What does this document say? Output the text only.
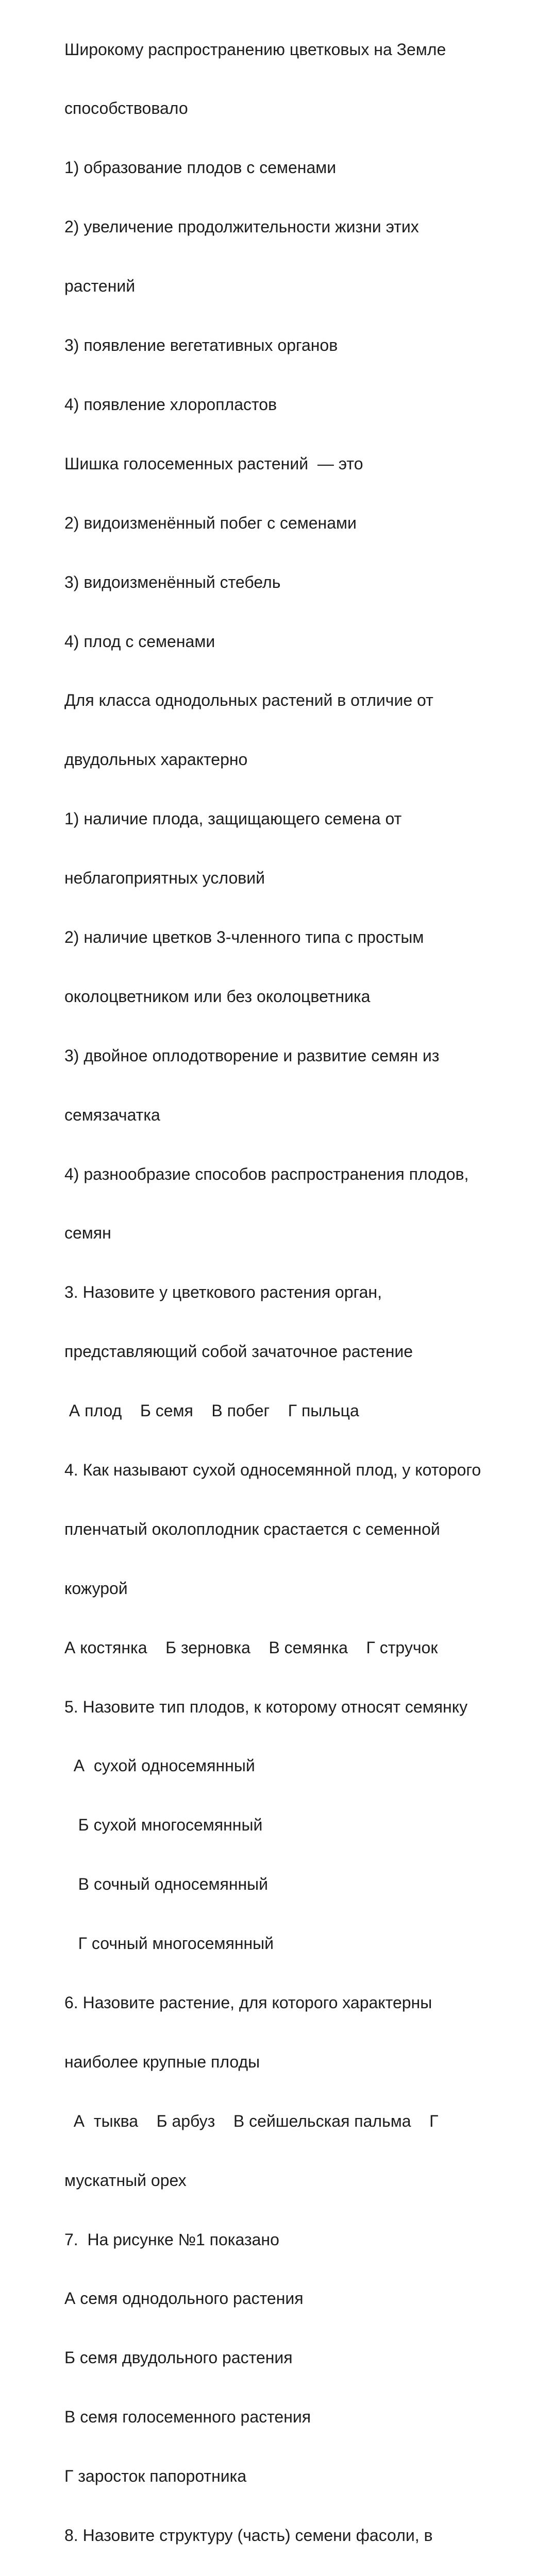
Широкому распространению цветковых на Земле

способствовало

1) образование плодов с семенами

2) увеличение продолжительности жизни этих

растений

3) появление вегетативных органов

4) появление хлоропластов

Шишка голосеменных растений  — это

2) видоизменённый побег с семенами

3) видоизменённый стебель

4) плод с семенами

Для класса однодольных растений в отличие от

двудольных характерно

1) наличие плода, защищающего семена от

неблагоприятных условий

2) наличие цветков 3-членного типа с простым

околоцветником или без околоцветника

3) двойное оплодотворение и развитие семян из

семязачатка

4) разнообразие способов распространения плодов,

семян

3. Назовите у цветкового растения орган,

представляющий собой зачаточное растение

А плод    Б семя    В побег    Г пыльца

4. Как называют сухой односемянной плод, у которого

пленчатый околоплодник срастается с семенной

кожурой

А костянка    Б зерновка    В семянка    Г стручок

5. Назовите тип плодов, к которому относят семянку

А  сухой односемянный

Б сухой многосемянный

В сочный односемянный

Г сочный многосемянный

6. Назовите растение, для которого характерны

наиболее крупные плоды

А  тыква    Б арбуз    В сейшельская пальма    Г

мускатный орех

7.  На рисунке №1 показано

А семя однодольного растения

Б семя двудольного растения

В семя голосеменного растения

Г заросток папоротника

8. Назовите структуру (часть) семени фасоли, в
